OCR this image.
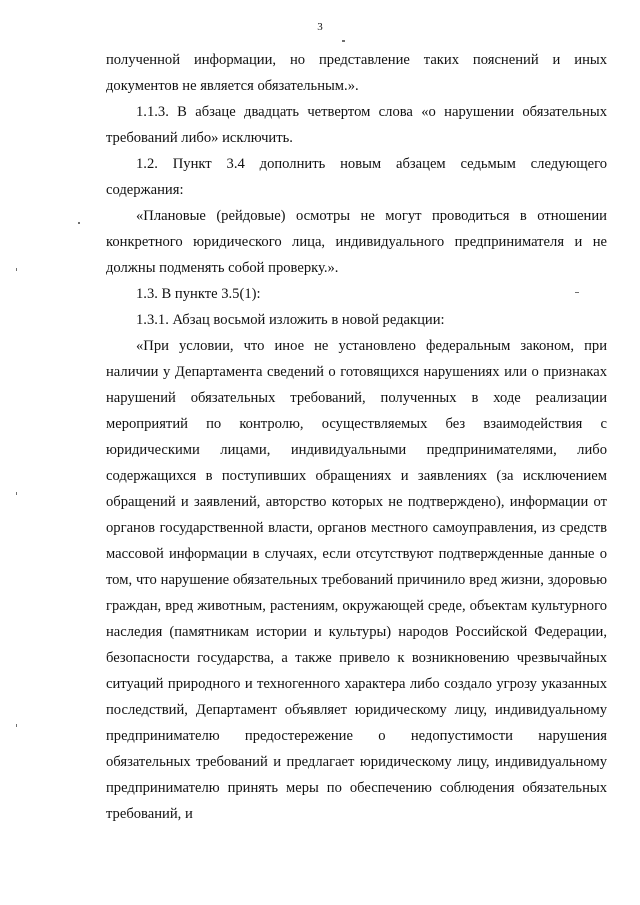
3

полученной информации, но представление таких пояснений и иных документов не является обязательным.».

1.1.3. В абзаце двадцать четвертом слова «о нарушении обязательных требований либо» исключить.

1.2. Пункт 3.4 дополнить новым абзацем седьмым следующего содержания:

«Плановые (рейдовые) осмотры не могут проводиться в отношении конкретного юридического лица, индивидуального предпринимателя и не должны подменять собой проверку.».

1.3. В пункте 3.5(1):

1.3.1. Абзац восьмой изложить в новой редакции:

«При условии, что иное не установлено федеральным законом, при наличии у Департамента сведений о готовящихся нарушениях или о признаках нарушений обязательных требований, полученных в ходе реализации мероприятий по контролю, осуществляемых без взаимодействия с юридическими лицами, индивидуальными предпринимателями, либо содержащихся в поступивших обращениях и заявлениях (за исключением обращений и заявлений, авторство которых не подтверждено), информации от органов государственной власти, органов местного самоуправления, из средств массовой информации в случаях, если отсутствуют подтвержденные данные о том, что нарушение обязательных требований причинило вред жизни, здоровью граждан, вред животным, растениям, окружающей среде, объектам культурного наследия (памятникам истории и культуры) народов Российской Федерации, безопасности государства, а также привело к возникновению чрезвычайных ситуаций природного и техногенного характера либо создало угрозу указанных последствий, Департамент объявляет юридическому лицу, индивидуальному предпринимателю предостережение о недопустимости нарушения обязательных требований и предлагает юридическому лицу, индивидуальному предпринимателю принять меры по обеспечению соблюдения обязательных требований, и
